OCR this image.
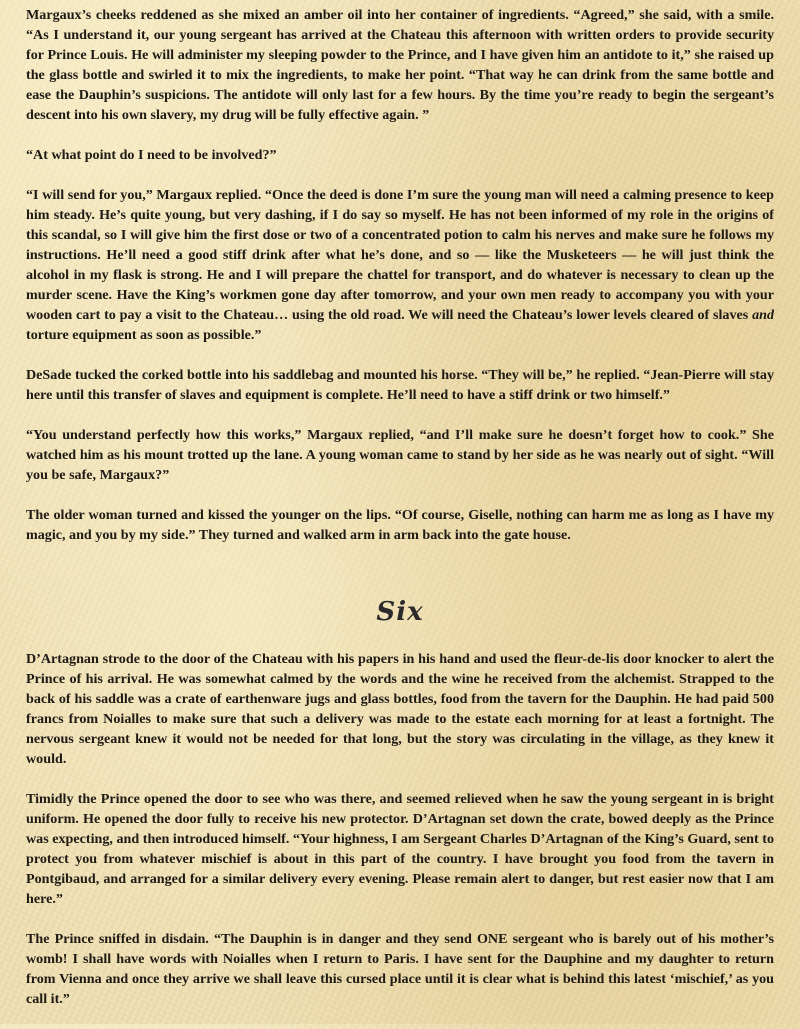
Margaux’s cheeks reddened as she mixed an amber oil into her container of ingredients. “Agreed,” she said, with a smile. “As I understand it, our young sergeant has arrived at the Chateau this afternoon with written orders to provide security for Prince Louis. He will administer my sleeping powder to the Prince, and I have given him an antidote to it,” she raised up the glass bottle and swirled it to mix the ingredients, to make her point. “That way he can drink from the same bottle and ease the Dauphin’s suspicions. The antidote will only last for a few hours. By the time you’re ready to begin the sergeant’s descent into his own slavery, my drug will be fully effective again. ”

“At what point do I need to be involved?”

“I will send for you,” Margaux replied. “Once the deed is done I’m sure the young man will need a calming presence to keep him steady. He’s quite young, but very dashing, if I do say so myself. He has not been informed of my role in the origins of this scandal, so I will give him the first dose or two of a concentrated potion to calm his nerves and make sure he follows my instructions. He’ll need a good stiff drink after what he’s done, and so — like the Musketeers — he will just think the alcohol in my flask is strong. He and I will prepare the chattel for transport, and do whatever is necessary to clean up the murder scene. Have the King’s workmen gone day after tomorrow, and your own men ready to accompany you with your wooden cart to pay a visit to the Chateau… using the old road. We will need the Chateau’s lower levels cleared of slaves and torture equipment as soon as possible.”

DeSade tucked the corked bottle into his saddlebag and mounted his horse. “They will be,” he replied. “Jean-Pierre will stay here until this transfer of slaves and equipment is complete. He’ll need to have a stiff drink or two himself.”

“You understand perfectly how this works,” Margaux replied, “and I’ll make sure he doesn’t forget how to cook.” She watched him as his mount trotted up the lane. A young woman came to stand by her side as he was nearly out of sight. “Will you be safe, Margaux?”

The older woman turned and kissed the younger on the lips. “Of course, Giselle, nothing can harm me as long as I have my magic, and you by my side.” They turned and walked arm in arm back into the gate house.

Six

D’Artagnan strode to the door of the Chateau with his papers in his hand and used the fleur-de-lis door knocker to alert the Prince of his arrival. He was somewhat calmed by the words and the wine he received from the alchemist. Strapped to the back of his saddle was a crate of earthenware jugs and glass bottles, food from the tavern for the Dauphin. He had paid 500 francs from Noialles to make sure that such a delivery was made to the estate each morning for at least a fortnight. The nervous sergeant knew it would not be needed for that long, but the story was circulating in the village, as they knew it would.

Timidly the Prince opened the door to see who was there, and seemed relieved when he saw the young sergeant in is bright uniform. He opened the door fully to receive his new protector. D’Artagnan set down the crate, bowed deeply as the Prince was expecting, and then introduced himself. “Your highness, I am Sergeant Charles D’Artagnan of the King’s Guard, sent to protect you from whatever mischief is about in this part of the country. I have brought you food from the tavern in Pontgibaud, and arranged for a similar delivery every evening. Please remain alert to danger, but rest easier now that I am here.”

The Prince sniffed in disdain. “The Dauphin is in danger and they send ONE sergeant who is barely out of his mother’s womb! I shall have words with Noialles when I return to Paris. I have sent for the Dauphine and my daughter to return from Vienna and once they arrive we shall leave this cursed place until it is clear what is behind this latest ‘mischief,’ as you call it.”
